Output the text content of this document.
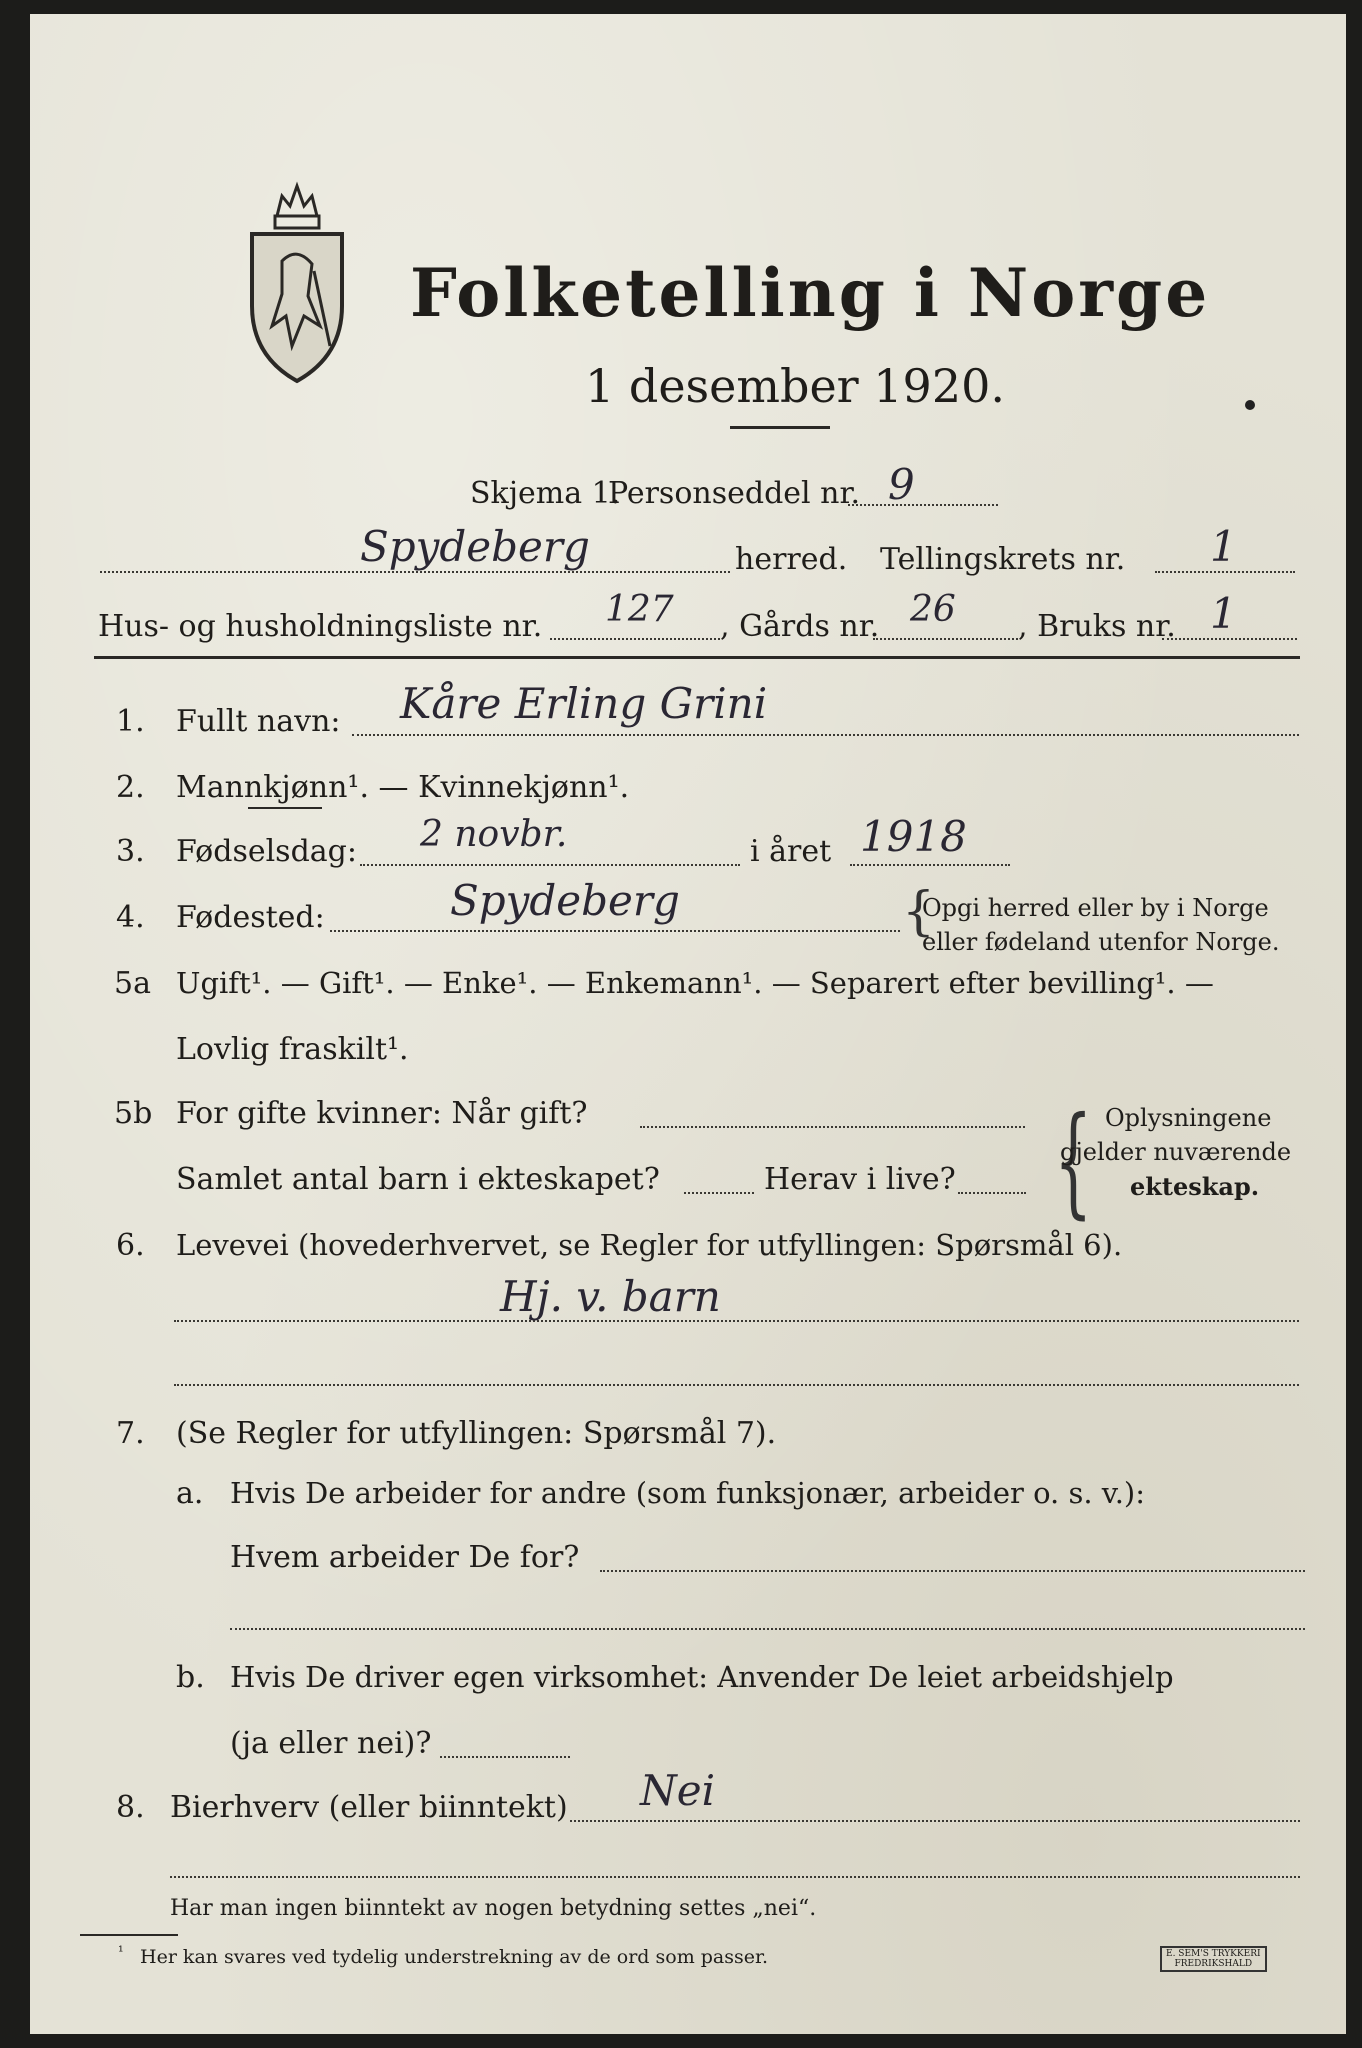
Folketelling i Norge
1 desember 1920.
Skjema 1.
Personseddel nr. 9
Spydeberg	herred. Tellingskrets nr. 1
Hus- og husholdningsliste nr. 127 , Gårds nr. 26 , Bruks nr. 1
1. Fullt navn: Kåre Erling Grini
2. Mannkjønn¹. — Kvinnekjønn¹.
3. Fødselsdag: 2 novbr.	i året 1918
4. Fødested:	Spydeberg	{
Opgi herred eller by i Norge
eller fødeland utenfor Norge.
5a Ugift¹. — Gift¹. — Enke¹. — Enkemann¹. — Separert efter bevilling¹. —
Lovlig fraskilt¹.
5b For gifte kvinner: Når gift?
Samlet antal barn i ekteskapet?	Herav i live? { Oplysningene
gjelder nuværende
ekteskap.
6. Levevei (hovederhvervet, se Regler for utfyllingen: Spørsmål 6).
Hj. v. barn
7. (Se Regler for utfyllingen: Spørsmål 7).
a. Hvis De arbeider for andre (som funksjonær, arbeider o. s. v.):
Hvem arbeider De for?
b. Hvis De driver egen virksomhet: Anvender De leiet arbeidshjelp
(ja eller nei)?
8. Bierhverv (eller biinntekt) Nei
Har man ingen biinntekt av nogen betydning settes „nei“.
¹ Her kan svares ved tydelig understrekning av de ord som passer.	E. SEM'S TRYKKERI
FREDRIKSHALD
